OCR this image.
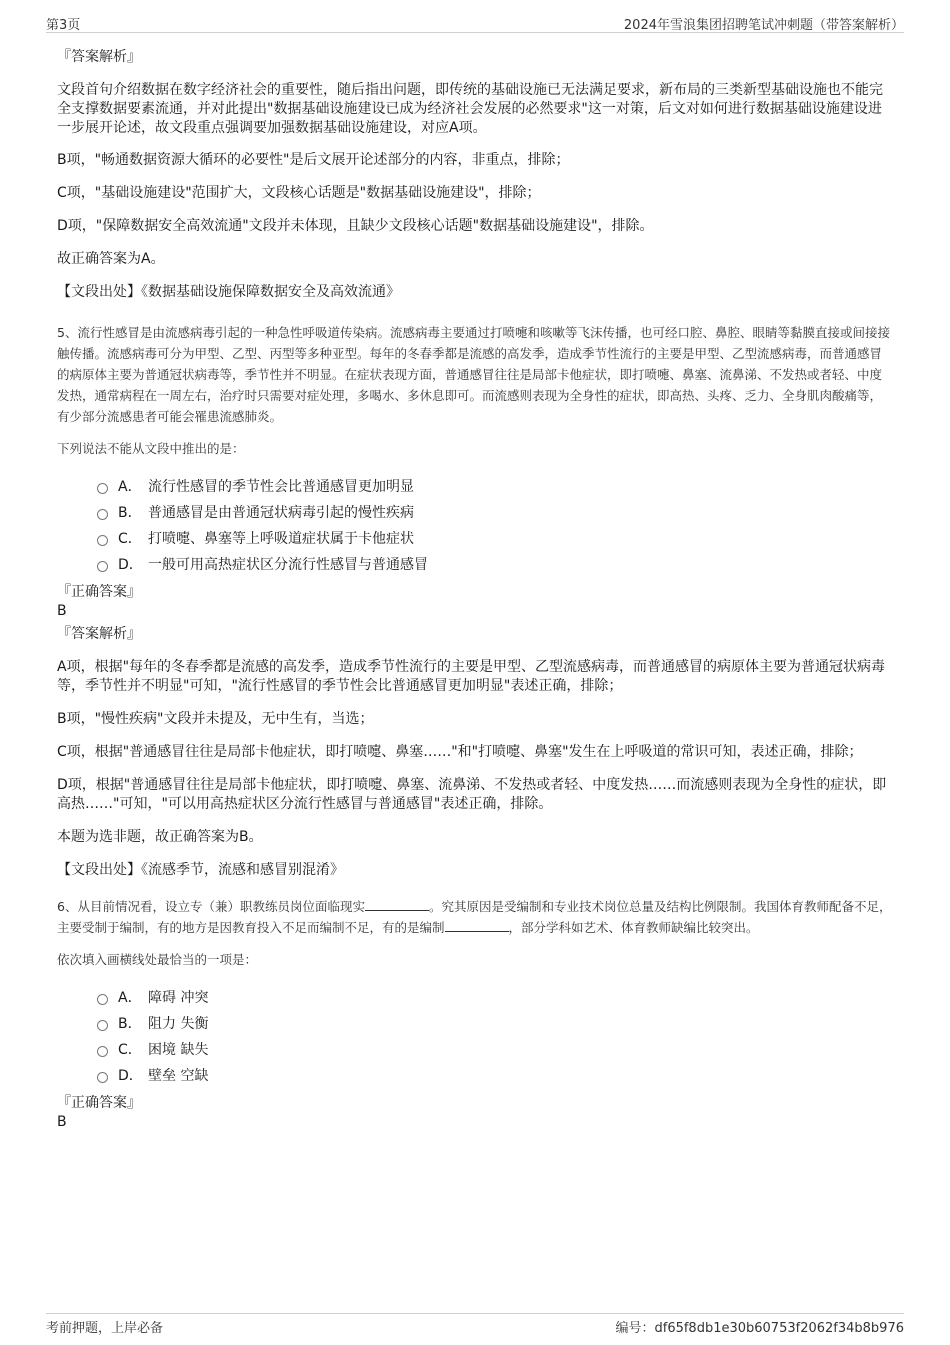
第3页	2024年雪浪集团招聘笔试冲刺题（带答案解析）
『答案解析』

文段首句介绍数据在数字经济社会的重要性，随后指出问题，即传统的基础设施已无法满足要求，新布局的三类新型基础设施也不能完全支撑数据要素流通，并对此提出"数据基础设施建设已成为经济社会发展的必然要求"这一对策，后文对如何进行数据基础设施建设进一步展开论述，故文段重点强调要加强数据基础设施建设，对应A项。

B项，"畅通数据资源大循环的必要性"是后文展开论述部分的内容，非重点，排除；

C项，"基础设施建设"范围扩大，文段核心话题是"数据基础设施建设"，排除；

D项，"保障数据安全高效流通"文段并未体现，且缺少文段核心话题"数据基础设施建设"，排除。

故正确答案为A。

【文段出处】《数据基础设施保障数据安全及高效流通》

5、流行性感冒是由流感病毒引起的一种急性呼吸道传染病。流感病毒主要通过打喷嚏和咳嗽等飞沫传播，也可经口腔、鼻腔、眼睛等黏膜直接或间接接触传播。流感病毒可分为甲型、乙型、丙型等多种亚型。每年的冬春季都是流感的高发季，造成季节性流行的主要是甲型、乙型流感病毒，而普通感冒的病原体主要为普通冠状病毒等，季节性并不明显。在症状表现方面，普通感冒往往是局部卡他症状，即打喷嚏、鼻塞、流鼻涕、不发热或者轻、中度发热，通常病程在一周左右，治疗时只需要对症处理，多喝水、多休息即可。而流感则表现为全身性的症状，即高热、头疼、乏力、全身肌肉酸痛等，有少部分流感患者可能会罹患流感肺炎。

下列说法不能从文段中推出的是：

A． 流行性感冒的季节性会比普通感冒更加明显
B． 普通感冒是由普通冠状病毒引起的慢性疾病
C． 打喷嚏、鼻塞等上呼吸道症状属于卡他症状
D． 一般可用高热症状区分流行性感冒与普通感冒
『正确答案』
B
『答案解析』

A项，根据"每年的冬春季都是流感的高发季，造成季节性流行的主要是甲型、乙型流感病毒，而普通感冒的病原体主要为普通冠状病毒等，季节性并不明显"可知，"流行性感冒的季节性会比普通感冒更加明显"表述正确，排除；

B项，"慢性疾病"文段并未提及，无中生有，当选；

C项，根据"普通感冒往往是局部卡他症状，即打喷嚏、鼻塞……"和"打喷嚏、鼻塞"发生在上呼吸道的常识可知，表述正确，排除；

D项，根据"普通感冒往往是局部卡他症状，即打喷嚏、鼻塞、流鼻涕、不发热或者轻、中度发热……而流感则表现为全身性的症状，即高热……"可知，"可以用高热症状区分流行性感冒与普通感冒"表述正确，排除。

本题为选非题，故正确答案为B。

【文段出处】《流感季节，流感和感冒别混淆》

6、从目前情况看，设立专（兼）职教练员岗位面临现实	。究其原因是受编制和专业技术岗位总量及结构比例限制。我国体育教师配备不足，主要受制于编制，有的地方是因教育投入不足而编制不足，有的是编制	，部分学科如艺术、体育教师缺编比较突出。

依次填入画横线处最恰当的一项是：

A． 障碍 冲突
B． 阻力 失衡
C． 困境 缺失
D． 壁垒 空缺
『正确答案』
B
考前押题，上岸必备	编号：df65f8db1e30b60753f2062f34b8b976
